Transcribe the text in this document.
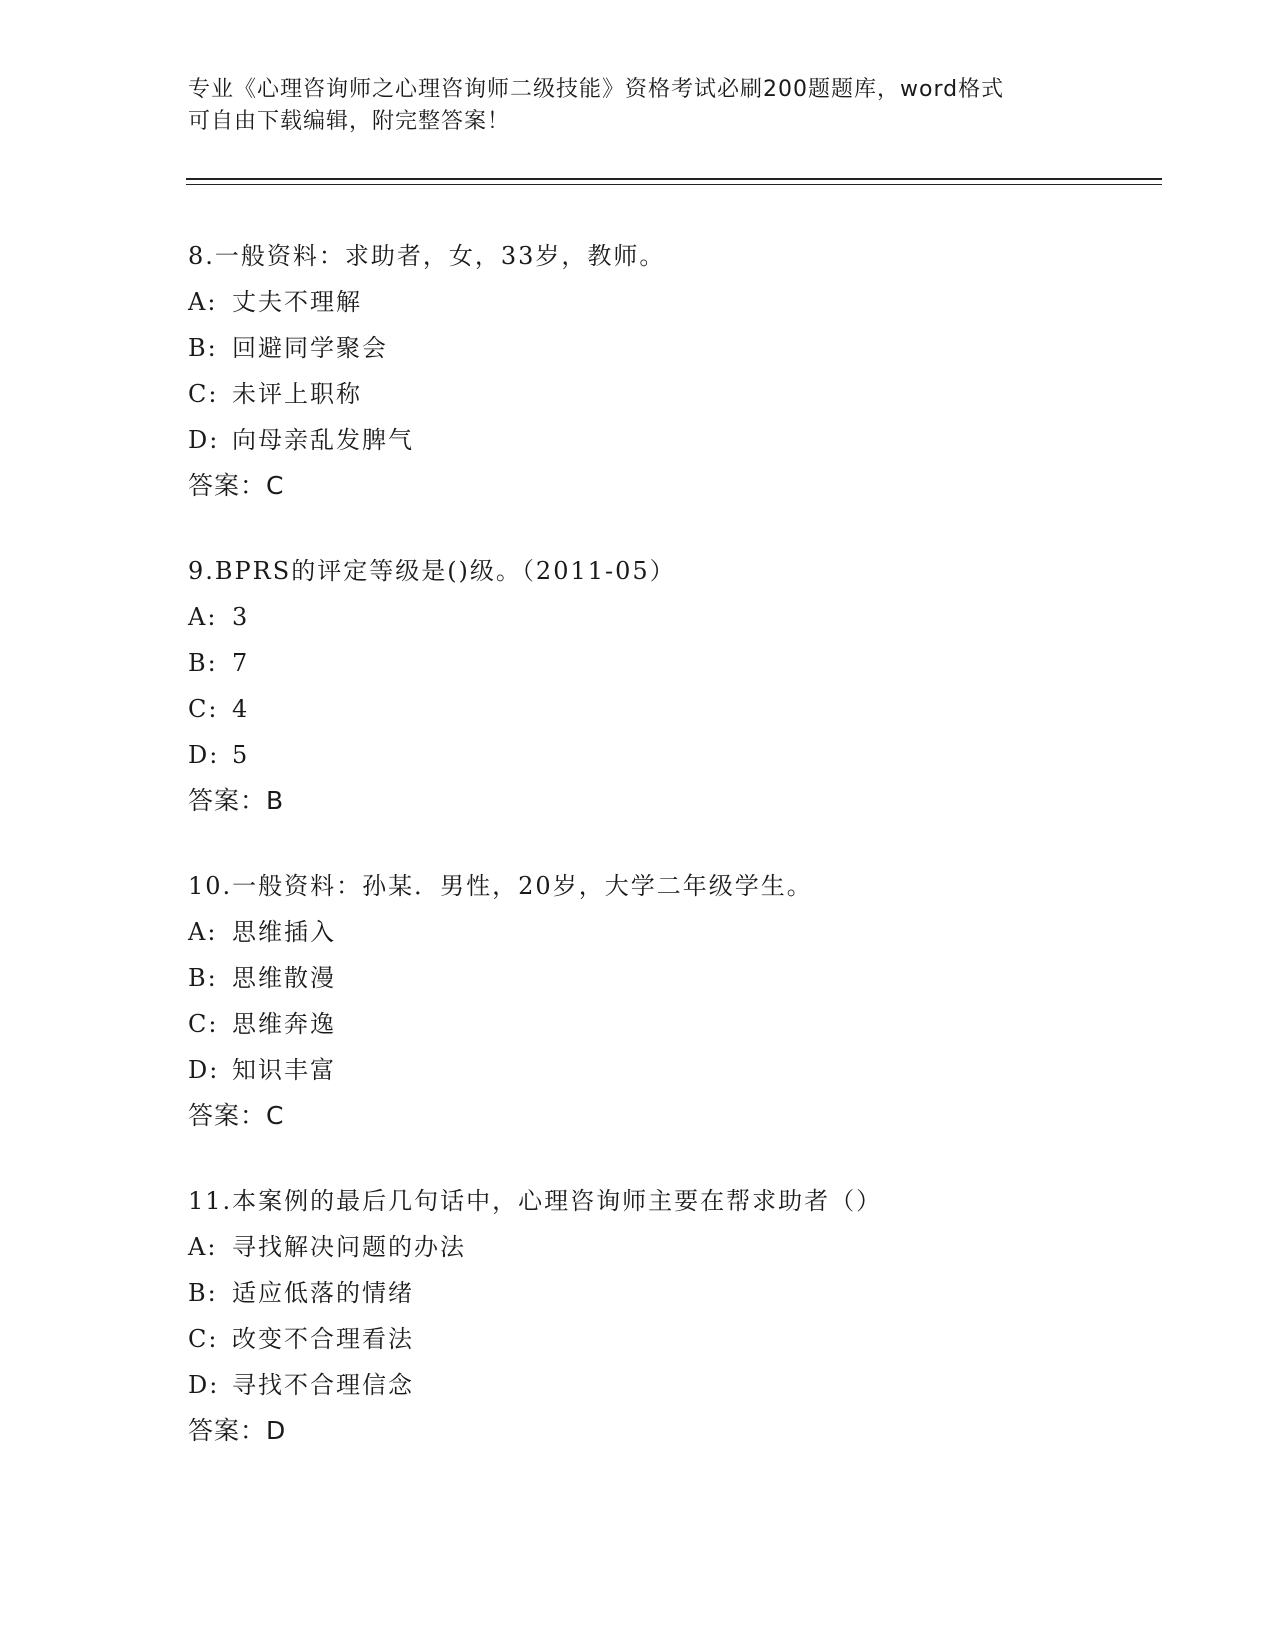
专业《心理咨询师之心理咨询师二级技能》资格考试必刷200题题库，word格式
可自由下载编辑，附完整答案！
8.一般资料：求助者，女，33岁，教师。
A: 丈夫不理解
B: 回避同学聚会
C: 未评上职称
D: 向母亲乱发脾气
答案：C
9.BPRS的评定等级是()级。（2011-05）
A: 3
B: 7
C: 4
D: 5
答案：B
10.一般资料：孙某．男性，20岁，大学二年级学生。
A: 思维插入
B: 思维散漫
C: 思维奔逸
D: 知识丰富
答案：C
11.本案例的最后几句话中，心理咨询师主要在帮求助者（）
A: 寻找解决问题的办法
B: 适应低落的情绪
C: 改变不合理看法
D: 寻找不合理信念
答案：D
